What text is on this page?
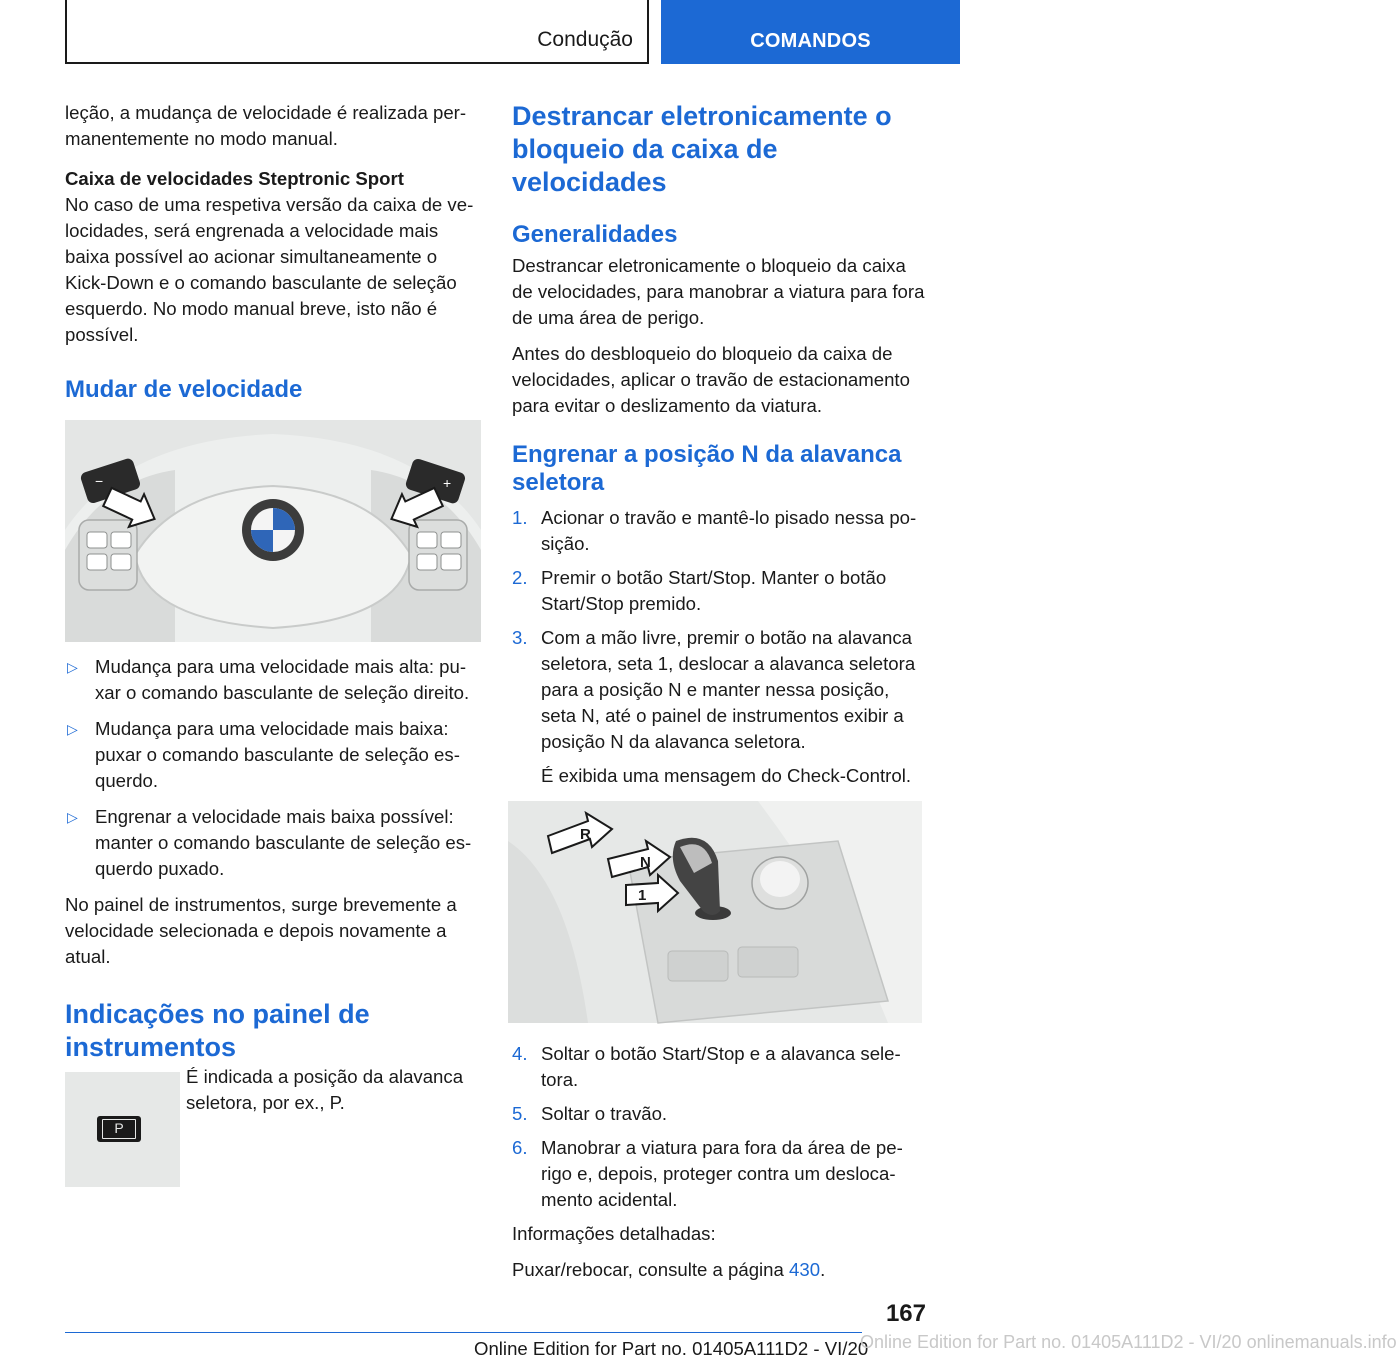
Condução	COMANDOS

leção, a mudança de velocidade é realizada permanentemente no modo manual.

Caixa de velocidades Steptronic Sport

No caso de uma respetiva versão da caixa de velocidades, será engrenada a velocidade mais baixa possível ao acionar simultaneamente o Kick-Down e o comando basculante de seleção esquerdo. No modo manual breve, isto não é possível.

Mudar de velocidade
−	+
▷ Mudança para uma velocidade mais alta: puxar o comando basculante de seleção direito.
▷ Mudança para uma velocidade mais baixa: puxar o comando basculante de seleção esquerdo.
▷ Engrenar a velocidade mais baixa possível: manter o comando basculante de seleção esquerdo puxado.

No painel de instrumentos, surge brevemente a velocidade selecionada e depois novamente a atual.

Indicações no painel de instrumentos
P

É indicada a posição da alavanca seletora, por ex., P.

Destrancar eletronicamente o bloqueio da caixa de velocidades
Generalidades

Destrancar eletronicamente o bloqueio da caixa de velocidades, para manobrar a viatura para fora de uma área de perigo.

Antes do desbloqueio do bloqueio da caixa de velocidades, aplicar o travão de estacionamento para evitar o deslizamento da viatura.

Engrenar a posição N da alavanca seletora
1. Acionar o travão e mantê-lo pisado nessa posição.
2. Premir o botão Start/Stop. Manter o botão Start/Stop premido.
3. Com a mão livre, premir o botão na alavanca seletora, seta 1, deslocar a alavanca seletora para a posição N e manter nessa posição, seta N, até o painel de instrumentos exibir a posição N da alavanca seletora.
É exibida uma mensagem do Check-Control.
R
N
1
4. Soltar o botão Start/Stop e a alavanca seletora.
5. Soltar o travão.
6. Manobrar a viatura para fora da área de perigo e, depois, proteger contra um deslocamento acidental.

Informações detalhadas:

Puxar/rebocar, consulte a página 430.

167
Online Edition for Part no. 01405A111D2 - VI/20
Online Edition for Part no. 01405A111D2 - VI/20 onlinemanuals.info
